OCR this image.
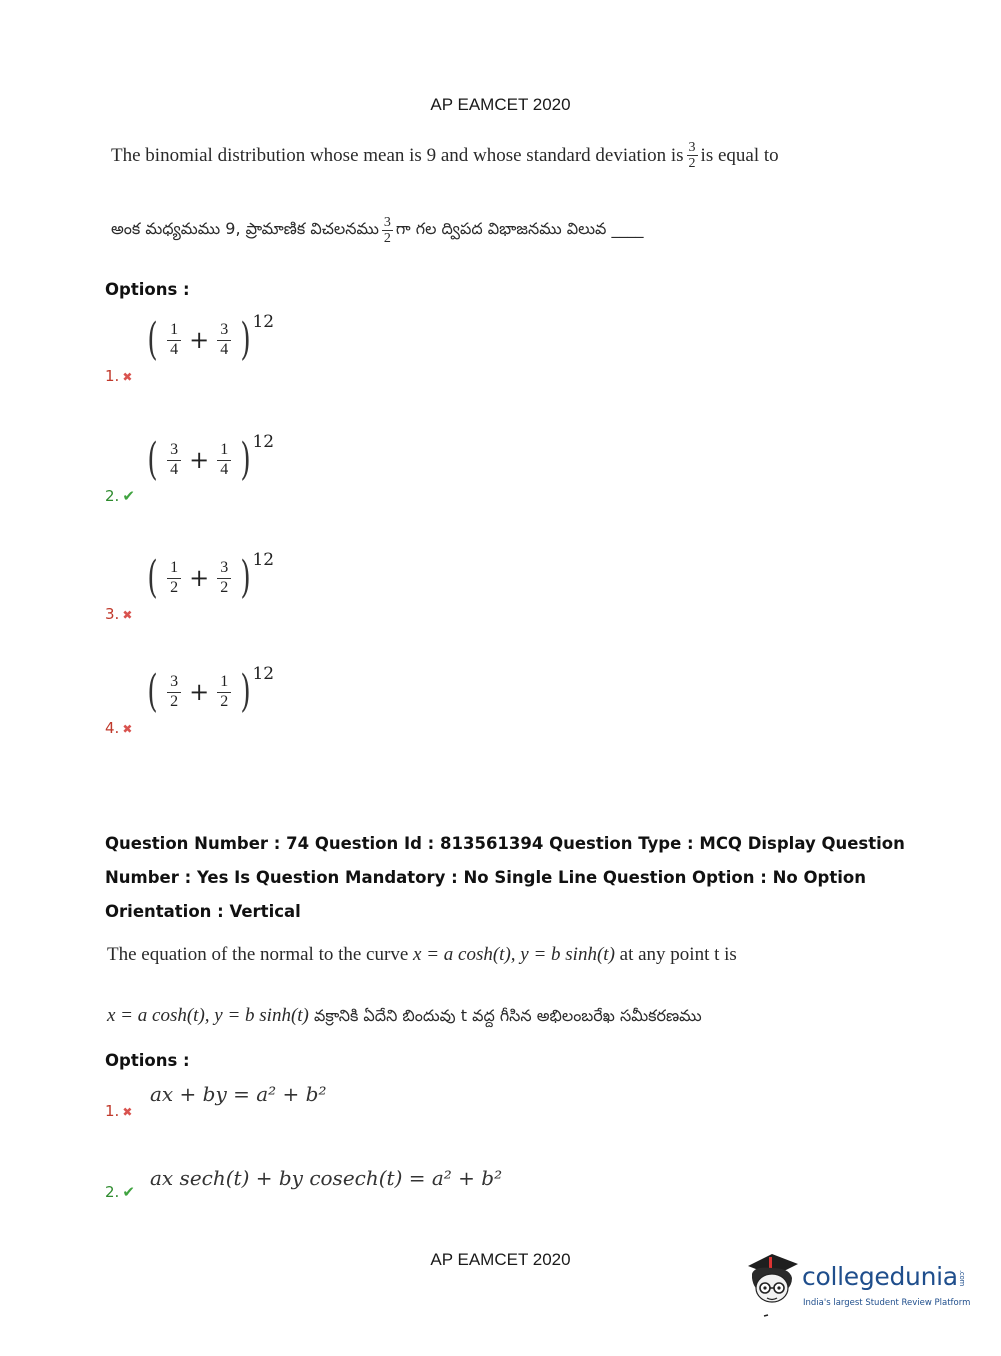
AP EAMCET 2020
The binomial distribution whose mean is 9 and whose standard deviation is $\frac{3}{2}$ is equal to
అంక మధ్యమము 9, ప్రామాణిక విచలనము $\frac{3}{2}$ గా గల ద్విపద విభాజనము విలువ ____
Options :
1. ✖
( $\frac{1}{4} + \frac{3}{4}$ ) 12
2. ✔
( $\frac{3}{4} + \frac{1}{4}$ ) 12
3. ✖
( $\frac{1}{2} + \frac{3}{2}$ ) 12
4. ✖
( $\frac{3}{2} + \frac{1}{2}$ ) 12
Question Number : 74 Question Id : 813561394 Question Type : MCQ Display Question
Number : Yes Is Question Mandatory : No Single Line Question Option : No Option
Orientation : Vertical
The equation of the normal to the curve x = a cosh(t), y = b sinh(t) at any point t is
x = a cosh(t), y = b sinh(t) వక్రానికి ఏదేని బిందువు t వద్ద గీసిన అభిలంబరేఖ సమీకరణము
Options :
1. ✖
ax + by = a² + b²
2. ✔
ax sech(t) + by cosech(t) = a² + b²
AP EAMCET 2020
collegedunia.com
India's largest Student Review Platform
